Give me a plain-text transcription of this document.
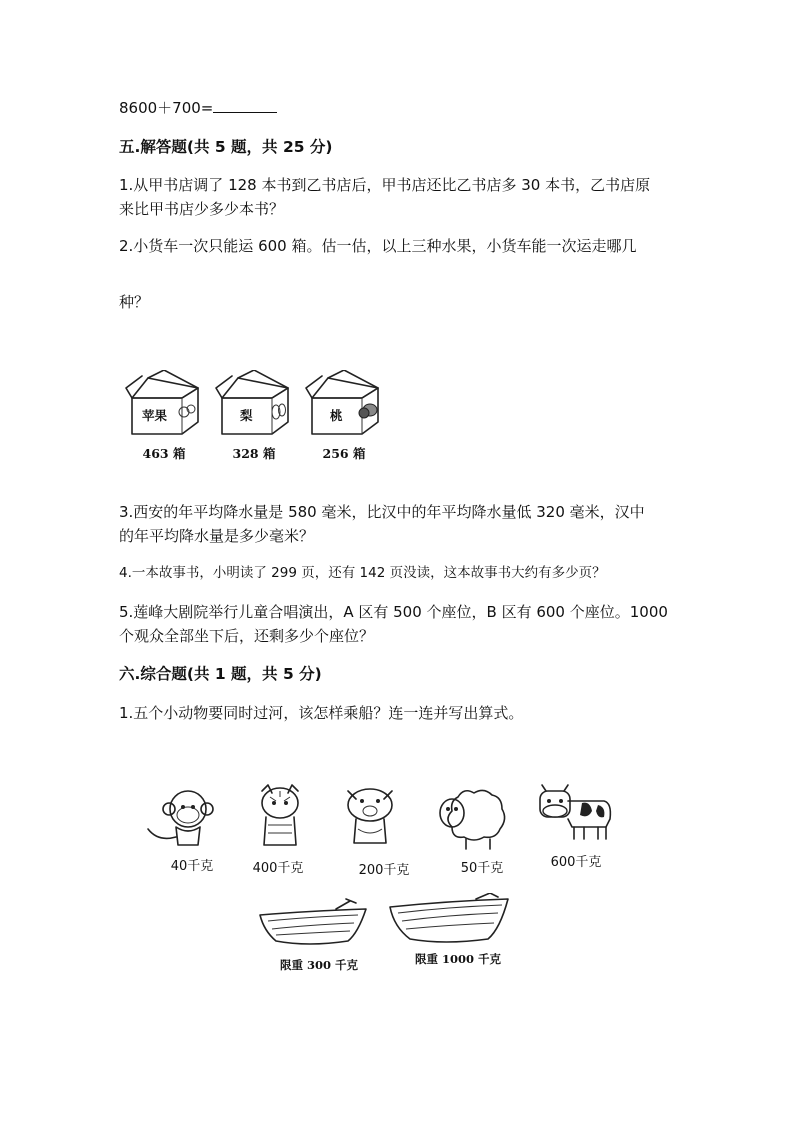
8600＋700=
五.解答题(共 5 题，共 25 分)
1.从甲书店调了 128 本书到乙书店后，甲书店还比乙书店多 30 本书，乙书店原
来比甲书店少多少本书？
2.小货车一次只能运 600 箱。估一估，以上三种水果，小货车能一次运走哪几
种？
苹果	梨	桃
463 箱	328 箱	256 箱
3.西安的年平均降水量是 580 毫米，比汉中的年平均降水量低 320 毫米，汉中
的年平均降水量是多少毫米？
4.一本故事书，小明读了 299 页，还有 142 页没读，这本故事书大约有多少页？
5.莲峰大剧院举行儿童合唱演出，A 区有 500 个座位，B 区有 600 个座位。1000
个观众全部坐下后，还剩多少个座位？
六.综合题(共 1 题，共 5 分)
1.五个小动物要同时过河，该怎样乘船？连一连并写出算式。
40千克	400千克	200千克	50千克	600千克
限重 300 千克	限重 1000 千克
